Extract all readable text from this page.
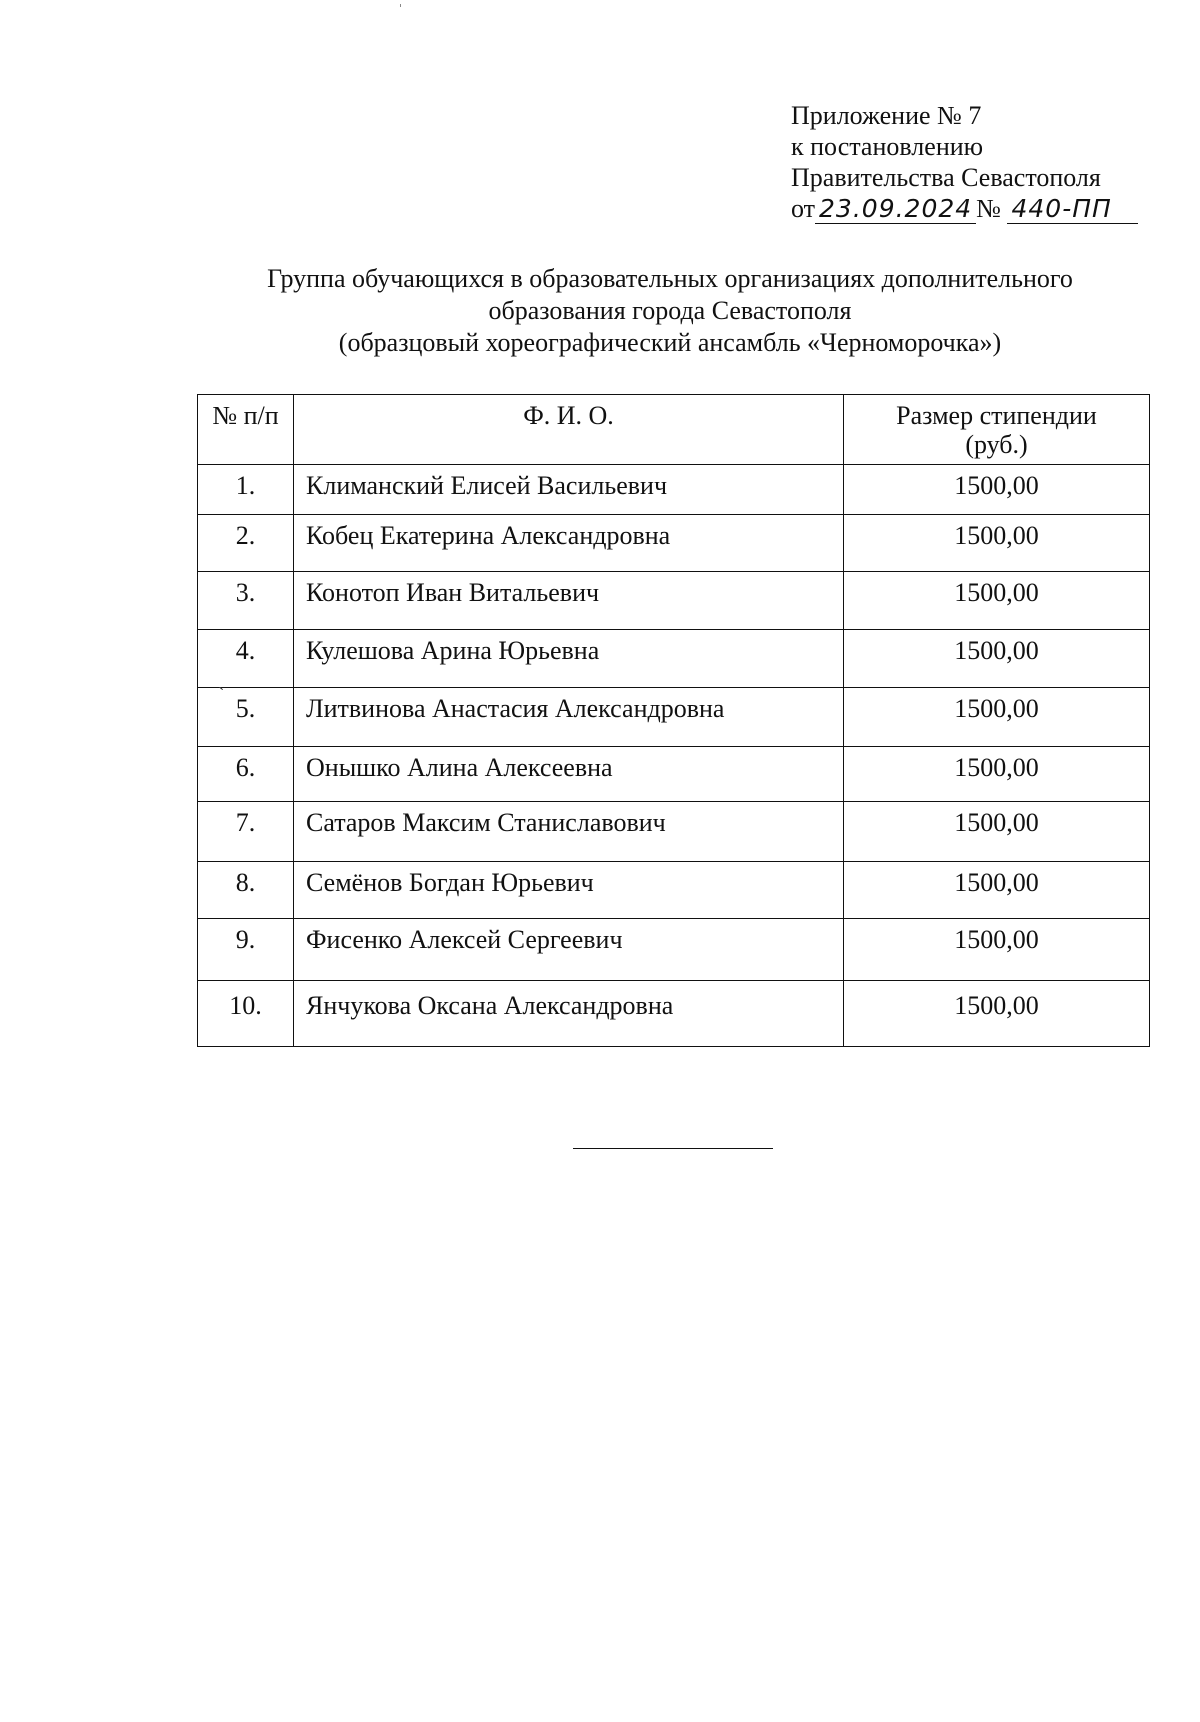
Приложение № 7
к постановлению
Правительства Севастополя
от 23.09.2024 № 440-ПП
Группа обучающихся в образовательных организациях дополнительного
образования города Севастополя
(образцовый хореографический ансамбль «Черноморочка»)
№ п/п	Ф. И. О.	Размер стипендии
(руб.)

1.	Климанский Елисей Васильевич	1500,00
2.	Кобец Екатерина Александровна	1500,00
3.	Конотоп Иван Витальевич	1500,00
4.	Кулешова Арина Юрьевна	1500,00
` 5.	Литвинова Анастасия Александровна	1500,00
6.	Онышко Алина Алексеевна	1500,00
7.	Сатаров Максим Станиславович	1500,00
8.	Семёнов Богдан Юрьевич	1500,00
9.	Фисенко Алексей Сергеевич	1500,00
10.	Янчукова Оксана Александровна	1500,00
